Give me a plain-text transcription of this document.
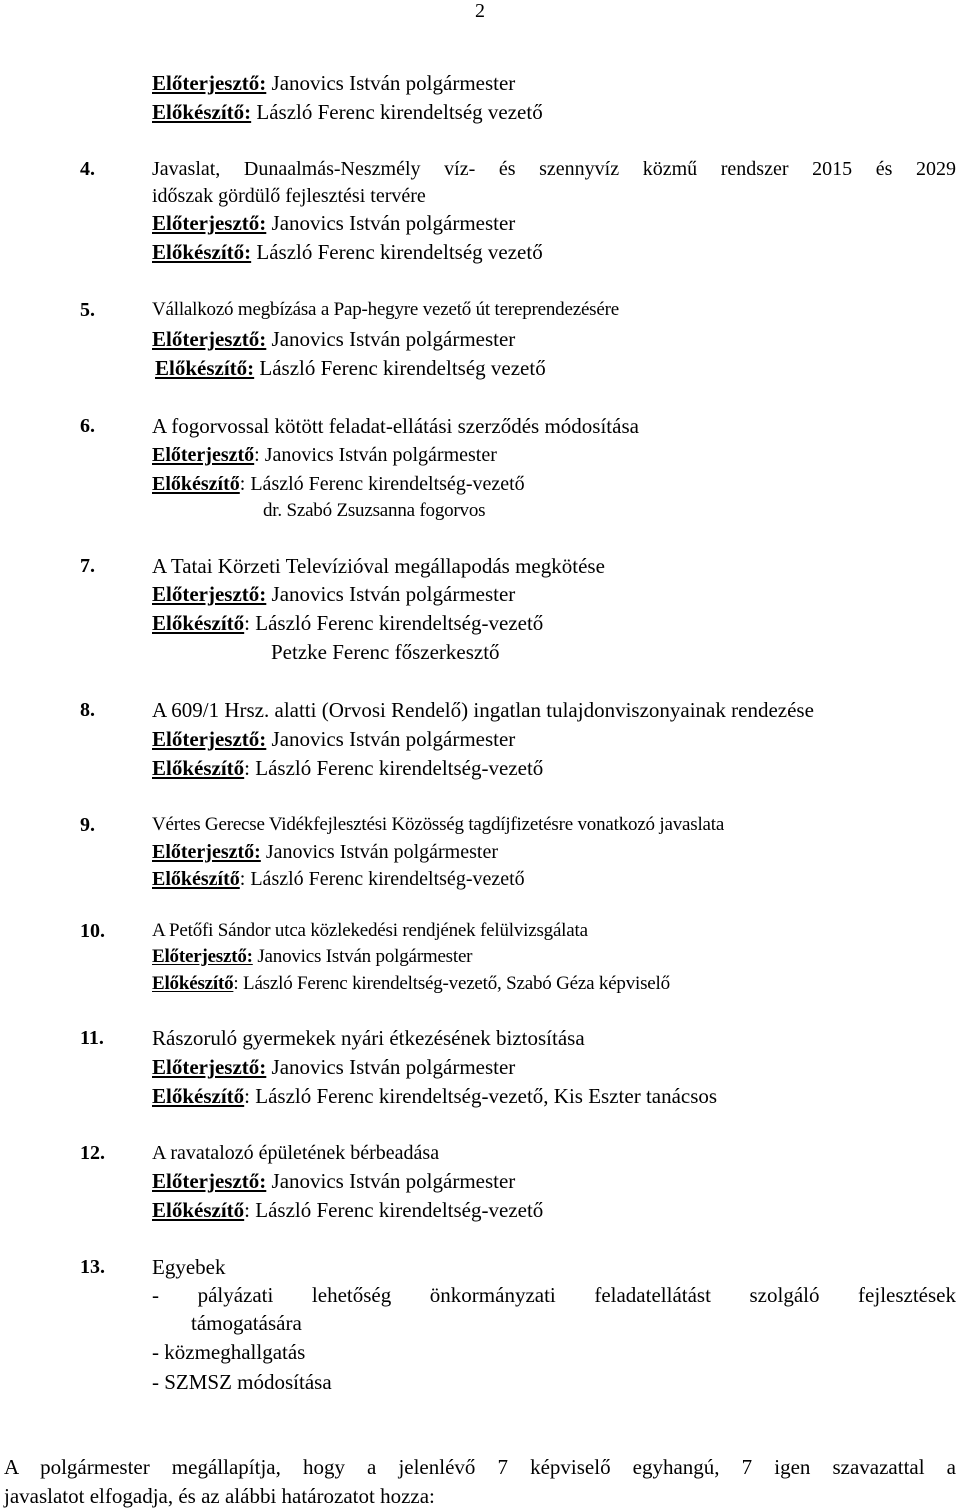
2
Előterjesztő: Janovics István polgármester
Előkészítő: László Ferenc kirendeltség vezető
4.	Javaslat, Dunaalmás-Neszmély víz- és szennyvíz közmű rendszer 2015 és 2029
időszak gördülő fejlesztési tervére
Előterjesztő: Janovics István polgármester
Előkészítő: László Ferenc kirendeltség vezető
5.	Vállalkozó megbízása a Pap-hegyre vezető út tereprendezésére
Előterjesztő: Janovics István polgármester
Előkészítő: László Ferenc kirendeltség vezető
6.	A fogorvossal kötött feladat-ellátási szerződés módosítása
Előterjesztő: Janovics István polgármester
Előkészítő: László Ferenc kirendeltség-vezető
dr. Szabó Zsuzsanna fogorvos
7.	A Tatai Körzeti Televízióval megállapodás megkötése
Előterjesztő: Janovics István polgármester
Előkészítő: László Ferenc kirendeltség-vezető
Petzke Ferenc főszerkesztő
8.	A 609/1 Hrsz. alatti (Orvosi Rendelő) ingatlan tulajdonviszonyainak rendezése
Előterjesztő: Janovics István polgármester
Előkészítő: László Ferenc kirendeltség-vezető
9.	Vértes Gerecse Vidékfejlesztési Közösség tagdíjfizetésre vonatkozó javaslata
Előterjesztő: Janovics István polgármester
Előkészítő: László Ferenc kirendeltség-vezető
10. A Petőfi Sándor utca közlekedési rendjének felülvizsgálata
Előterjesztő: Janovics István polgármester
Előkészítő: László Ferenc kirendeltség-vezető, Szabó Géza képviselő
11. Rászoruló gyermekek nyári étkezésének biztosítása
Előterjesztő: Janovics István polgármester
Előkészítő: László Ferenc kirendeltség-vezető, Kis Eszter tanácsos
12. A ravatalozó épületének bérbeadása
Előterjesztő: Janovics István polgármester
Előkészítő: László Ferenc kirendeltség-vezető
13. Egyebek
- pályázati lehetőség önkormányzati feladatellátást szolgáló fejlesztések
támogatására
- közmeghallgatás
- SZMSZ módosítása
A polgármester megállapítja, hogy a jelenlévő 7 képviselő egyhangú, 7 igen szavazattal a
javaslatot elfogadja, és az alábbi határozatot hozza:
